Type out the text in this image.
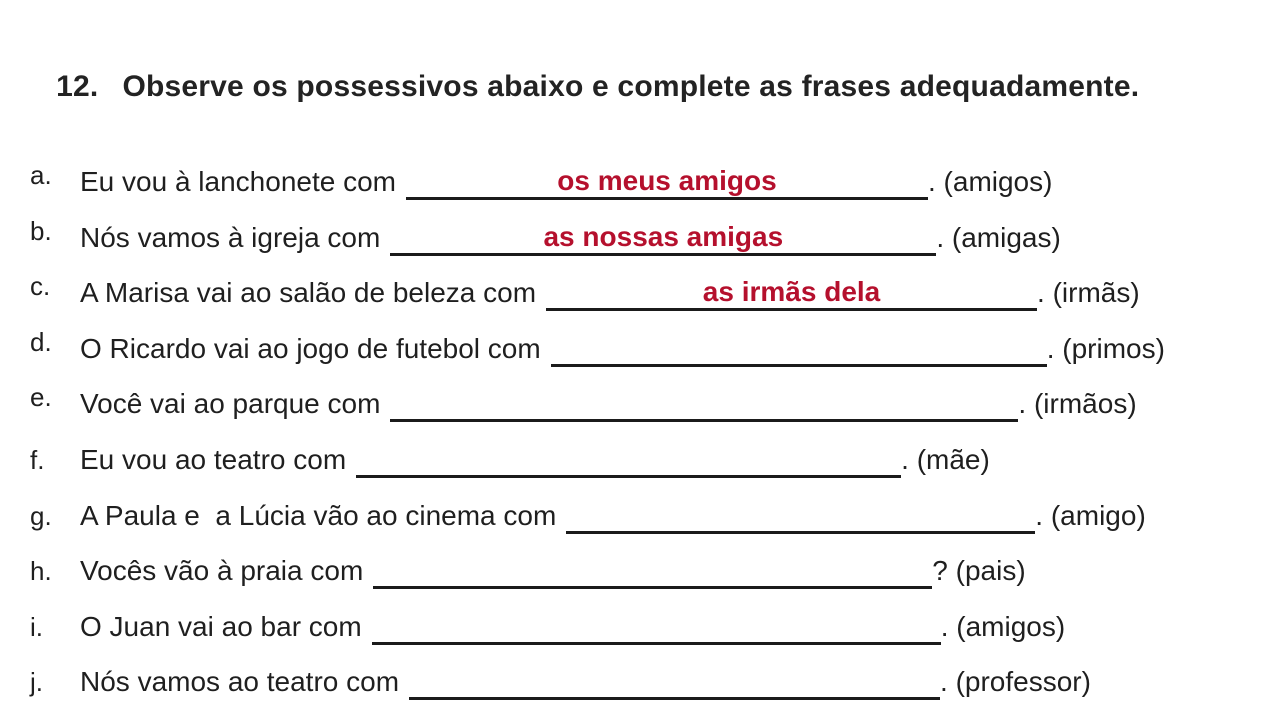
12. Observe os possessivos abaixo e complete as frases adequadamente.

a. Eu vou à lanchonete com	os meus amigos	. (amigos)
b. Nós vamos à igreja com	as nossas amigas	. (amigas)
c. A Marisa vai ao salão de beleza com	as irmãs dela	. (irmãs)
d. O Ricardo vai ao jogo de futebol com	. (primos)
e. Você vai ao parque com	. (irmãos)
f. Eu vou ao teatro com	. (mãe)
g. A Paula e  a Lúcia vão ao cinema com	. (amigo)
h. Vocês vão à praia com	? (pais)
i. O Juan vai ao bar com	. (amigos)
j. Nós vamos ao teatro com	. (professor)
